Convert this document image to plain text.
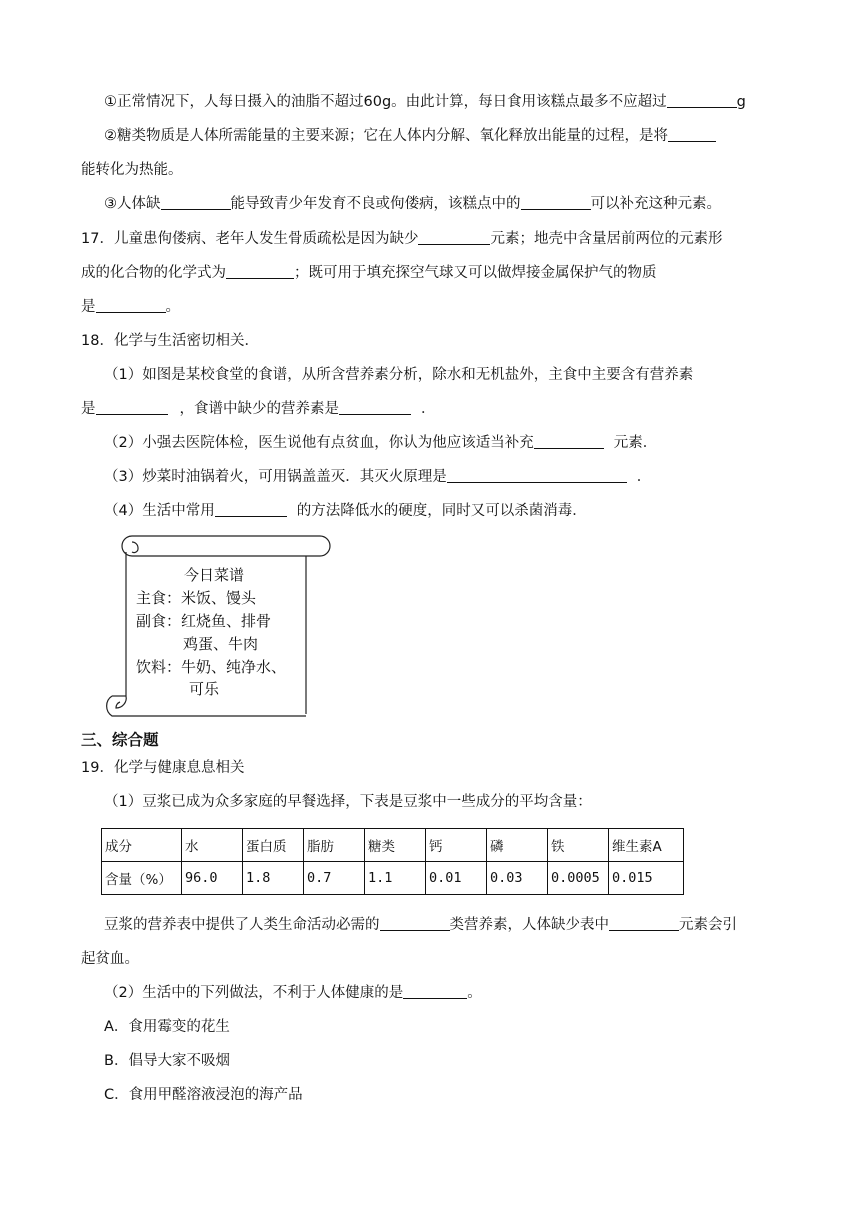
①正常情况下，人每日摄入的油脂不超过60g。由此计算，每日食用该糕点最多不应超过	g
②糖类物质是人体所需能量的主要来源；它在人体内分解、氧化释放出能量的过程，是将
能转化为热能。
③人体缺	能导致青少年发育不良或佝偻病，该糕点中的	可以补充这种元素。
17．儿童患佝偻病、老年人发生骨质疏松是因为缺少	元素；地壳中含量居前两位的元素形
成的化合物的化学式为	；既可用于填充探空气球又可以做焊接金属保护气的物质
是	。
18．化学与生活密切相关．
（1）如图是某校食堂的食谱，从所含营养素分析，除水和无机盐外，主食中主要含有营养素
是	，食谱中缺少的营养素是	．
（2）小强去医院体检，医生说他有点贫血，你认为他应该适当补充	元素．
（3）炒菜时油锅着火，可用锅盖盖灭．其灭火原理是	．
（4）生活中常用	的方法降低水的硬度，同时又可以杀菌消毒．
今日菜谱
主食：米饭、馒头
副食：红烧鱼、排骨
鸡蛋、牛肉
饮料：牛奶、纯净水、
可乐
三、综合题
19．化学与健康息息相关
（1）豆浆已成为众多家庭的早餐选择，下表是豆浆中一些成分的平均含量：
成分	水	蛋白质	脂肪	糖类	钙	磷	铁	维生素A
含量（%）	96.0	1.8	0.7	1.1	0.01	0.03	0.0005	0.015
豆浆的营养表中提供了人类生命活动必需的	类营养素，人体缺少表中	元素会引
起贫血。
（2）生活中的下列做法，不利于人体健康的是	。
A．食用霉变的花生
B．倡导大家不吸烟
C．食用甲醛溶液浸泡的海产品
